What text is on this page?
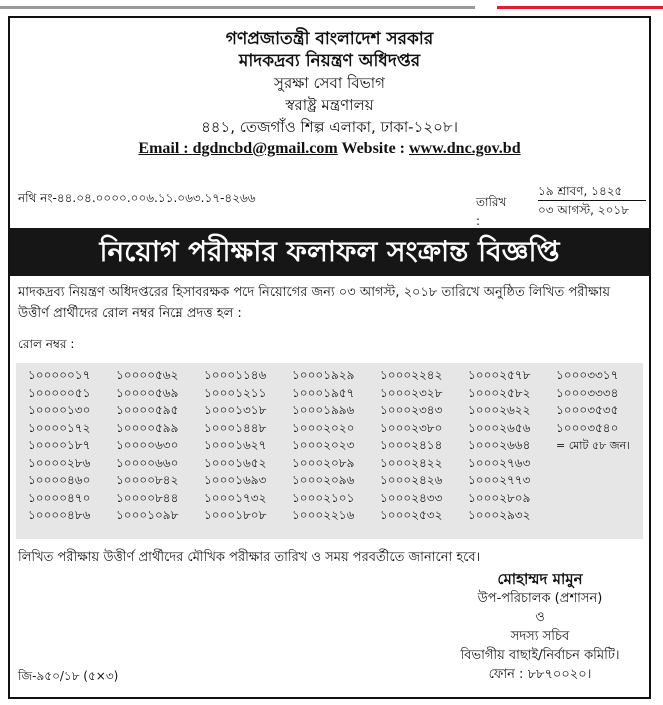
গণপ্রজাতন্ত্রী বাংলাদেশ সরকার
মাদকদ্রব্য নিয়ন্ত্রণ অধিদপ্তর
সুরক্ষা সেবা বিভাগ
স্বরাষ্ট্র মন্ত্রণালয়
৪৪১, তেজগাঁও শিল্প এলাকা, ঢাকা-১২০৮।
Email : dgdncbd@gmail.com Website : www.dnc.gov.bd
নথি নং-৪৪.০৪.০০০০.০০৬.১১.০৬৩.১৭-৪২৬৬	তারিখ :
১৯ শ্রাবণ, ১৪২৫
০৩ আগস্ট, ২০১৮
নিয়োগ পরীক্ষার ফলাফল সংক্রান্ত বিজ্ঞপ্তি
মাদকদ্রব্য নিয়ন্ত্রণ অধিদপ্তরের হিসাবরক্ষক পদে নিয়োগের জন্য ০৩ আগস্ট, ২০১৮ তারিখে অনুষ্ঠিত লিখিত পরীক্ষায় উত্তীর্ণ প্রার্থীদের রোল নম্বর নিম্নে প্রদত্ত হল :
রোল নম্বর :
১০০০০০১৭
১০০০০০৫১
১০০০০১৩০
১০০০০১৭২
১০০০০১৮৭
১০০০০২৮৬
১০০০০৪৬০
১০০০০৪৭০
১০০০০৪৮৬
১০০০০৫৬২
১০০০০৫৬৯
১০০০০৫৯৫
১০০০০৫৯৯
১০০০০৬৩০
১০০০০৬৬০
১০০০০৮৪২
১০০০০৮৪৪
১০০০১০৯৮
১০০০১১৪৬
১০০০১২১১
১০০০১৩১৮
১০০০১৪৪৮
১০০০১৬২৭
১০০০১৬৫২
১০০০১৬৯৩
১০০০১৭৩২
১০০০১৮০৮
১০০০১৯২৯
১০০০১৯৫৭
১০০০১৯৯৬
১০০০২০২০
১০০০২০২৩
১০০০২০৮৯
১০০০২০৯৬
১০০০২১০১
১০০০২২১৬
১০০০২২৪২
১০০০২৩২৮
১০০০২৩৪৩
১০০০২৩৮০
১০০০২৪১৪
১০০০২৪২২
১০০০২৪২৬
১০০০২৪৩৩
১০০০২৫৩২
১০০০২৫৭৮
১০০০২৫৮২
১০০০২৬২২
১০০০২৬৫৬
১০০০২৬৬৪
১০০০২৭৬৩
১০০০২৭৭৩
১০০০২৮০৯
১০০০২৯৩২
১০০০৩৩১৭
১০০০৩৩৩৪
১০০০৩৫৩৫
১০০০৩৫৪০
= মোট ৫৮ জন।
লিখিত পরীক্ষায় উত্তীর্ণ প্রার্থীদের মৌখিক পরীক্ষার তারিখ ও সময় পরবর্তীতে জানানো হবে।
মোহাম্মদ মামুন
উপ-পরিচালক (প্রশাসন)
ও
সদস্য সচিব
বিভাগীয় বাছাই/নির্বাচন কমিটি।
ফোন : ৮৮৭০০২০।
জি-৯৫০/১৮ (৫×৩)
